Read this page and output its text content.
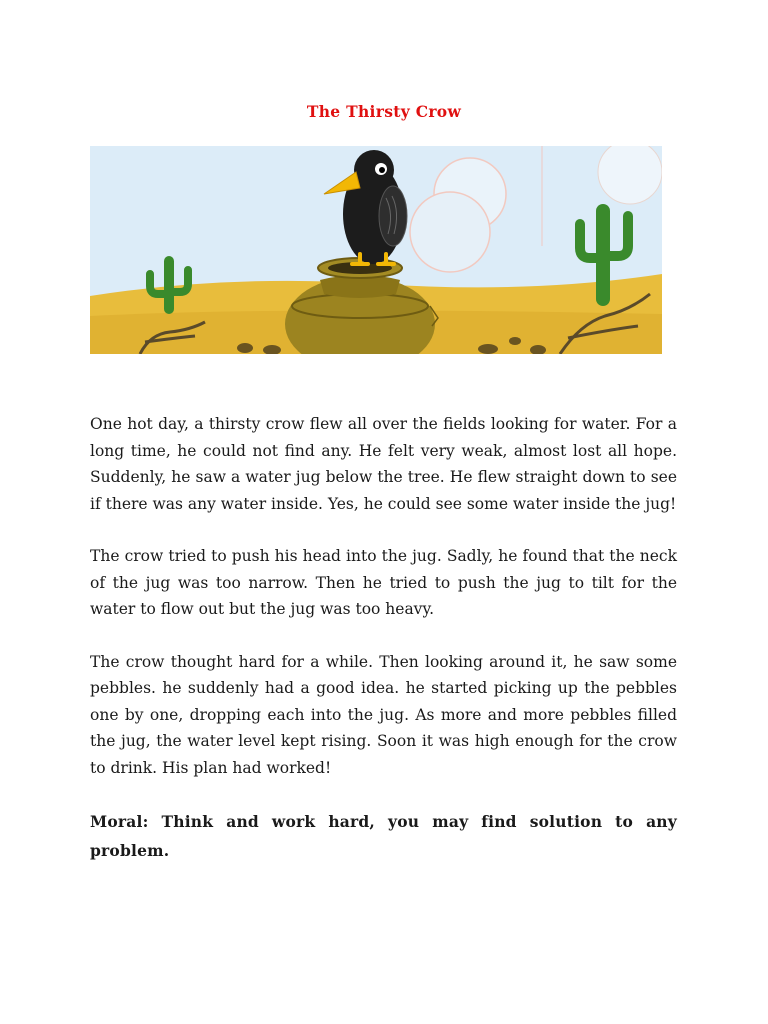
The Thirsty Crow

One hot day, a thirsty crow flew all over the fields looking for water. For a long time, he could not find any. He felt very weak, almost lost all hope. Suddenly, he saw a water jug below the tree. He flew straight down to see if there was any water inside. Yes, he could see some water inside the jug!

The crow tried to push his head into the jug. Sadly, he found that the neck of the jug was too narrow. Then he tried to push the jug to tilt for the water to flow out but the jug was too heavy.

The crow thought hard for a while. Then looking around it, he saw some pebbles. he suddenly had a good idea. he started picking up the pebbles one by one, dropping each into the jug. As more and more pebbles filled the jug, the water level kept rising. Soon it was high enough for the crow to drink. His plan had worked!

Moral: Think and work hard, you may find solution to any problem.
